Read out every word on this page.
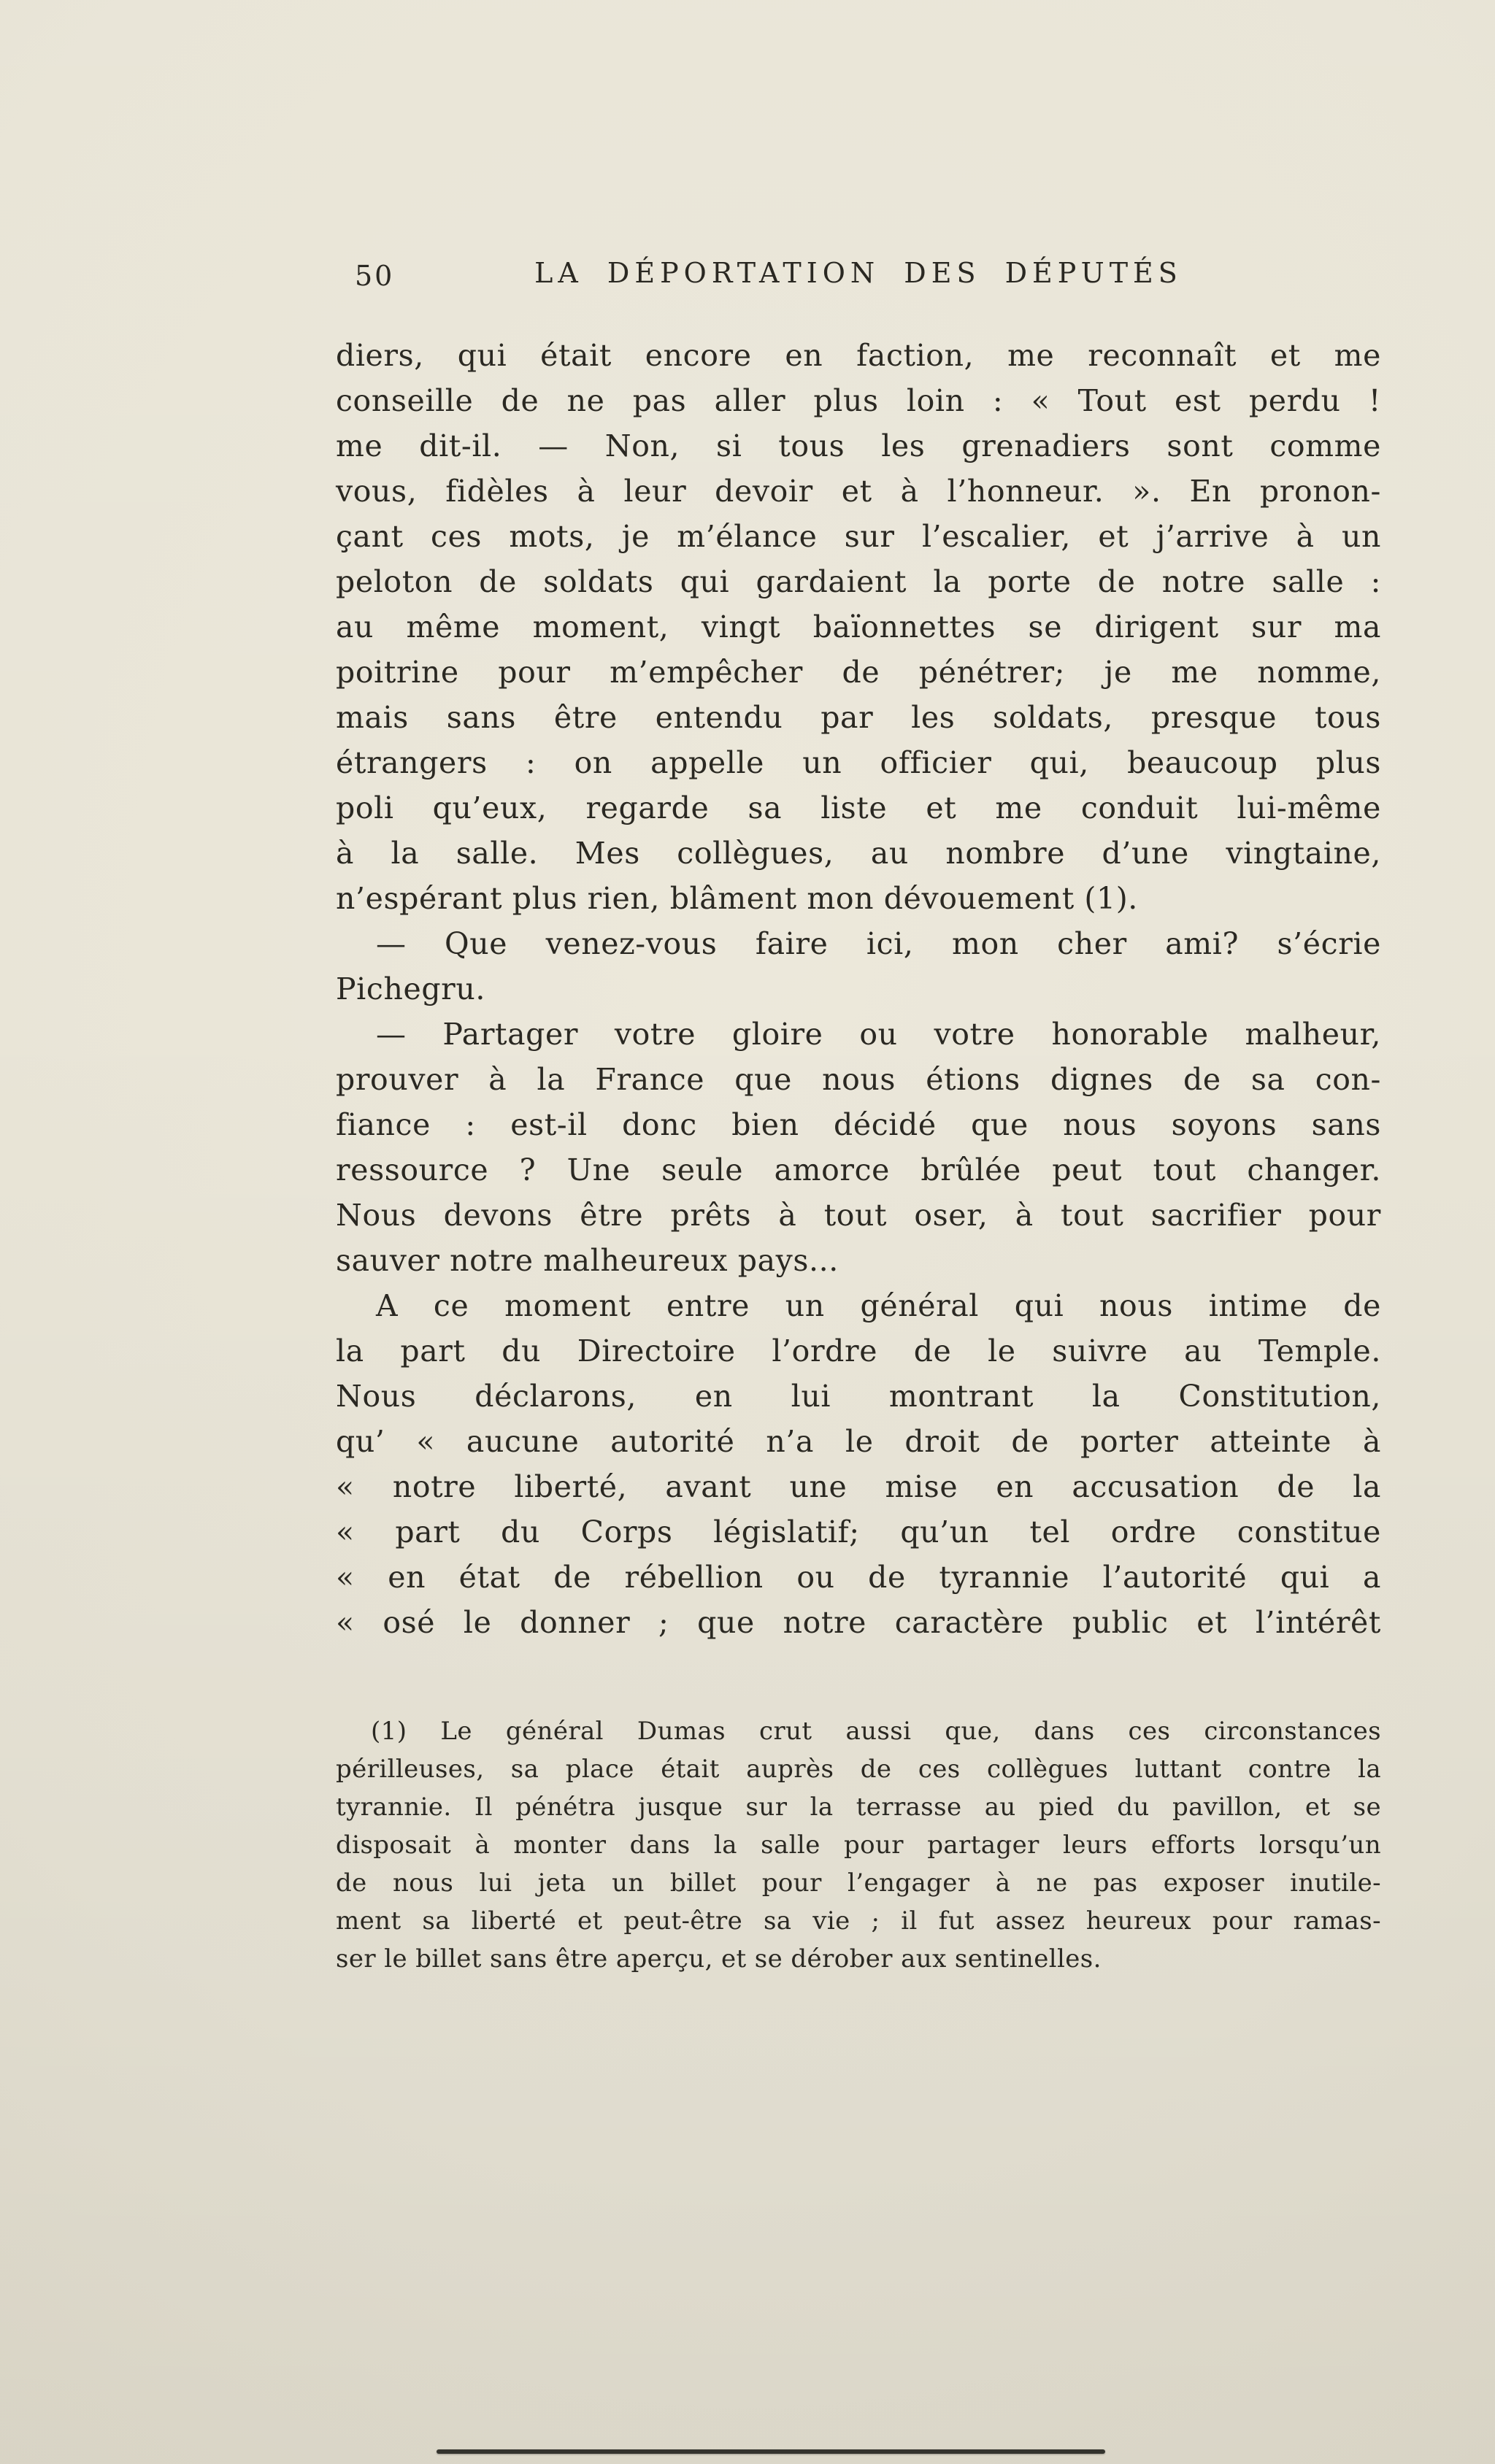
50	LA DÉPORTATION DES DÉPUTÉS
diers, qui était encore en faction, me reconnaît et me
conseille de ne pas aller plus loin : « Tout est perdu !
me dit-il. — Non, si tous les grenadiers sont comme
vous, fidèles à leur devoir et à l’honneur. ». En pronon-
çant ces mots, je m’élance sur l’escalier, et j’arrive à un
peloton de soldats qui gardaient la porte de notre salle :
au même moment, vingt baïonnettes se dirigent sur ma
poitrine pour m’empêcher de pénétrer; je me nomme,
mais sans être entendu par les soldats, presque tous
étrangers : on appelle un officier qui, beaucoup plus
poli qu’eux, regarde sa liste et me conduit lui-même
à la salle. Mes collègues, au nombre d’une vingtaine,
n’espérant plus rien, blâment mon dévouement (1).
— Que venez-vous faire ici, mon cher ami? s’écrie
Pichegru.
— Partager votre gloire ou votre honorable malheur,
prouver à la France que nous étions dignes de sa con-
fiance : est-il donc bien décidé que nous soyons sans
ressource ? Une seule amorce brûlée peut tout changer.
Nous devons être prêts à tout oser, à tout sacrifier pour
sauver notre malheureux pays...
A ce moment entre un général qui nous intime de
la part du Directoire l’ordre de le suivre au Temple.
Nous déclarons, en lui montrant la Constitution,
qu’ « aucune autorité n’a le droit de porter atteinte à
« notre liberté, avant une mise en accusation de la
« part du Corps législatif; qu’un tel ordre constitue
« en état de rébellion ou de tyrannie l’autorité qui a
« osé le donner ; que notre caractère public et l’intérêt
(1) Le général Dumas crut aussi que, dans ces circonstances
périlleuses, sa place était auprès de ces collègues luttant contre la
tyrannie. Il pénétra jusque sur la terrasse au pied du pavillon, et se
disposait à monter dans la salle pour partager leurs efforts lorsqu’un
de nous lui jeta un billet pour l’engager à ne pas exposer inutile-
ment sa liberté et peut-être sa vie ; il fut assez heureux pour ramas-
ser le billet sans être aperçu, et se dérober aux sentinelles.
